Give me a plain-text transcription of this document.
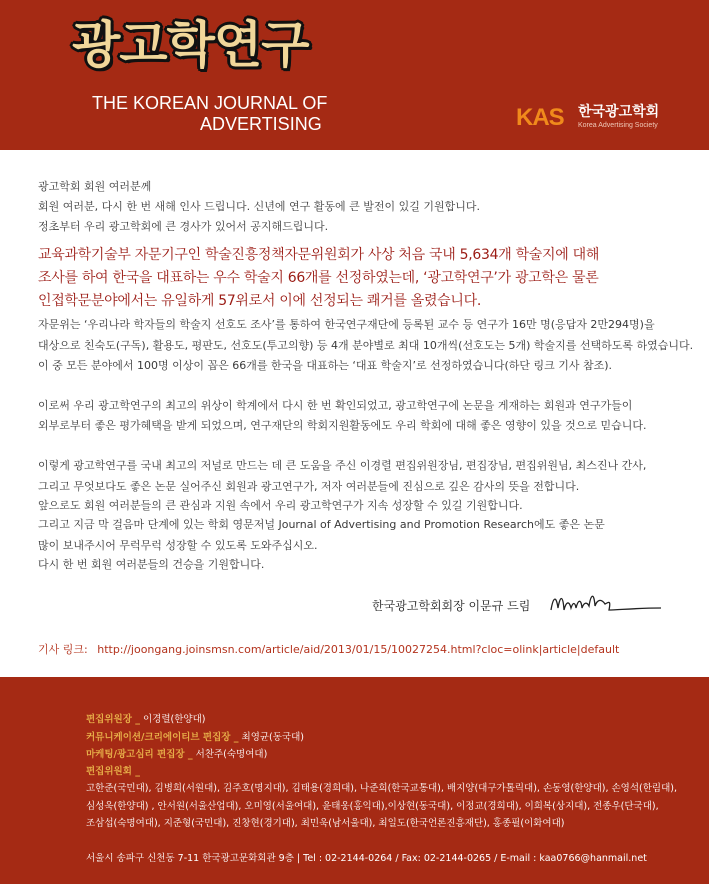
광고학연구
THE KOREAN JOURNAL OF
ADVERTISING	KAS 한국광고학회
Korea Advertising Society
광고학회 회원 여러분께
회원 여러분, 다시 한 번 새해 인사 드립니다. 신년에 연구 활동에 큰 발전이 있길 기원합니다.
정초부터 우리 광고학회에 큰 경사가 있어서 공지해드립니다.
교육과학기술부 자문기구인 학술진흥정책자문위원회가 사상 처음 국내 5,634개 학술지에 대해
조사를 하여 한국을 대표하는 우수 학술지 66개를 선정하였는데, ‘광고학연구’가 광고학은 물론
인접학문분야에서는 유일하게 57위로서 이에 선정되는 쾌거를 올렸습니다.
자문위는 ‘우리나라 학자들의 학술지 선호도 조사’를 통하여 한국연구재단에 등록된 교수 등 연구가 16만 명(응답자 2만294명)을
대상으로 친숙도(구독), 활용도, 평판도, 선호도(투고의향) 등 4개 분야별로 최대 10개씩(선호도는 5개) 학술지를 선택하도록 하였습니다.
이 중 모든 분야에서 100명 이상이 꼽은 66개를 한국을 대표하는 ‘대표 학술지’로 선정하였습니다(하단 링크 기사 참조).
이로써 우리 광고학연구의 최고의 위상이 학계에서 다시 한 번 확인되었고, 광고학연구에 논문을 게재하는 회원과 연구가들이
외부로부터 좋은 평가혜택을 받게 되었으며, 연구재단의 학회지원활동에도 우리 학회에 대해 좋은 영향이 있을 것으로 믿습니다.
이렇게 광고학연구를 국내 최고의 저널로 만드는 데 큰 도움을 주신 이경렬 편집위원장님, 편집장님, 편집위원님, 최스진나 간사,
그리고 무엇보다도 좋은 논문 실어주신 회원과 광고연구가, 저자 여러분들에 진심으로 깊은 감사의 뜻을 전합니다.
앞으로도 회원 여러분들의 큰 관심과 지원 속에서 우리 광고학연구가 지속 성장할 수 있길 기원합니다.
그리고 지금 막 걸음마 단계에 있는 학회 영문저널 Journal of Advertising and Promotion Research에도 좋은 논문
많이 보내주시어 무럭무럭 성장할 수 있도록 도와주십시오.
다시 한 번 회원 여러분들의 건승을 기원합니다.
한국광고학회회장 이문규 드림
기사 링크: http://joongang.joinsmsn.com/article/aid/2013/01/15/10027254.html?cloc=olink|article|default
편집위원장 _ 이경렬(한양대)
커뮤니케이션/크리에이티브 편집장 _ 최영균(동국대)
마케팅/광고심리 편집장 _ 서찬주(숙명여대)
편집위원회 _
고한준(국민대), 김병희(서원대), 김주호(명지대), 김태용(경희대), 나준희(한국교통대), 배지양(대구가톨릭대), 손동영(한양대), 손영석(한림대),
심성욱(한양대) , 안서원(서울산업대), 오미영(서울여대), 윤태웅(홍익대),이상현(동국대), 이정교(경희대), 이희복(상지대), 전종우(단국대),
조삼섭(숙명여대), 지준형(국민대), 진창현(경기대), 최민욱(남서울대), 최일도(한국언론진흥재단), 홍종필(이화여대)
서울시 송파구 신천동 7-11 한국광고문화회관 9층 | Tel : 02-2144-0264 / Fax: 02-2144-0265 / E-mail : kaa0766@hanmail.net
